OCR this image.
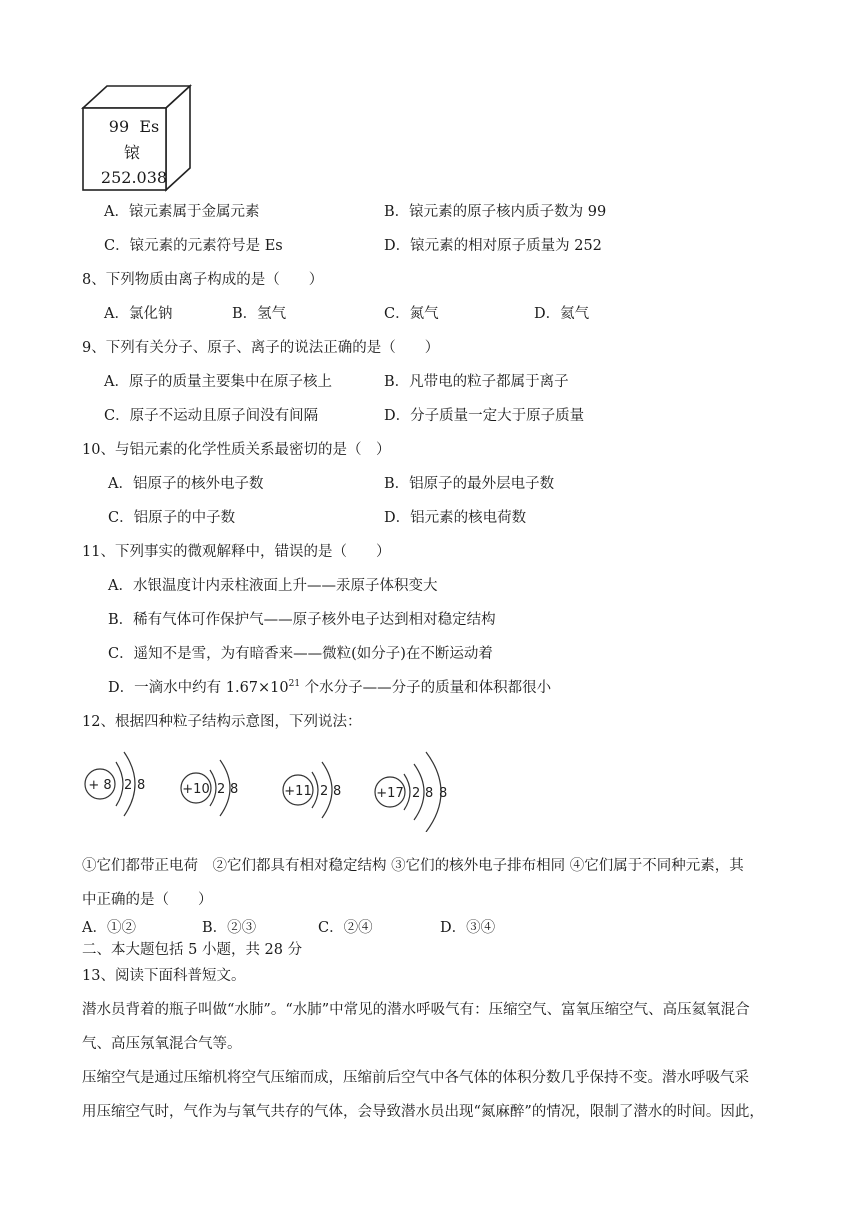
99 Es
锿
252.038
A．锿元素属于金属元素	B．锿元素的原子核内质子数为 99
C．锿元素的元素符号是 Es	D．锿元素的相对原子质量为 252
8、下列物质由离子构成的是（　　）
A．氯化钠	B．氢气	C．氮气	D．氦气
9、下列有关分子、原子、离子的说法正确的是（　　）
A．原子的质量主要集中在原子核上	B．凡带电的粒子都属于离子
C．原子不运动且原子间没有间隔	D．分子质量一定大于原子质量
10、与铝元素的化学性质关系最密切的是（　）
A．铝原子的核外电子数	B．铝原子的最外层电子数
C．铝原子的中子数	D．铝元素的核电荷数
11、下列事实的微观解释中，错误的是（　　）
A．水银温度计内汞柱液面上升——汞原子体积变大
B．稀有气体可作保护气——原子核外电子达到相对稳定结构
C．遥知不是雪，为有暗香来——微粒(如分子)在不断运动着
D．一滴水中约有 $1.67\times 10^{21}$ 个水分子——分子的质量和体积都很小
12、根据四种粒子结构示意图，下列说法：
+ 8 2 8	+10 2 8	+11 2 8	+17 2 8 8
①它们都带正电荷　②它们都具有相对稳定结构 ③它们的核外电子排布相同 ④它们属于不同种元素，其
中正确的是（　　）
A．①②	B．②③	C．②④	D．③④
二、本大题包括 5 小题，共 28 分
13、阅读下面科普短文。
潜水员背着的瓶子叫做“水肺”。“水肺”中常见的潜水呼吸气有：压缩空气、富氧压缩空气、高压氦氧混合
气、高压氖氧混合气等。
压缩空气是通过压缩机将空气压缩而成，压缩前后空气中各气体的体积分数几乎保持不变。潜水呼吸气采
用压缩空气时，气作为与氧气共存的气体，会导致潜水员出现“氮麻醉”的情况，限制了潜水的时间。因此，
